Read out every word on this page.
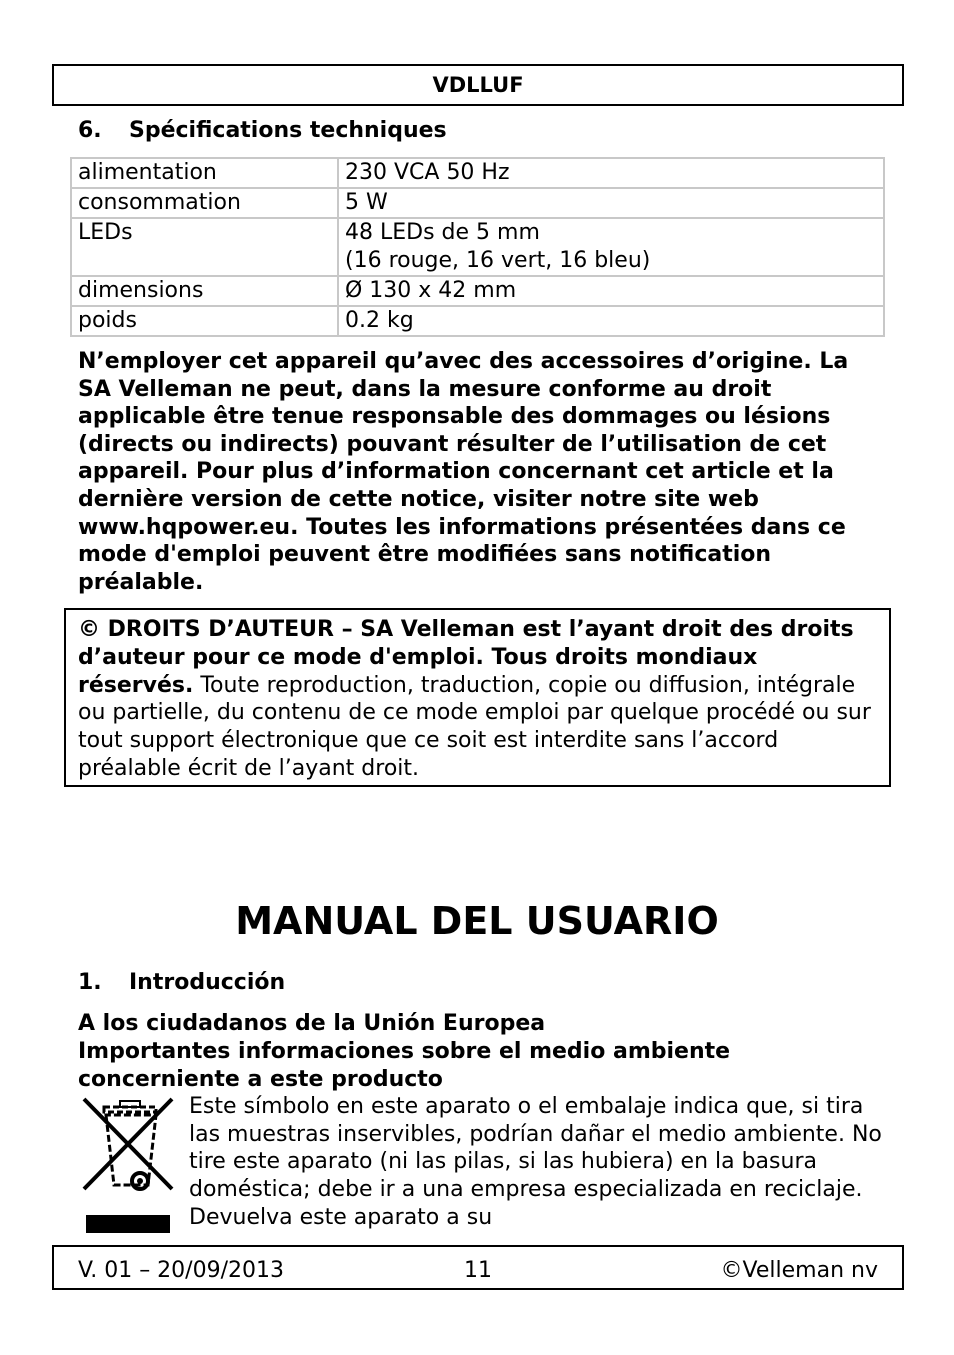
VDLLUF
6. Spécifications techniques
alimentation	230 VCA 50 Hz
consommation	5 W
LEDs	48 LEDs de 5 mm
(16 rouge, 16 vert, 16 bleu)

dimensions	Ø 130 x 42 mm
poids	0.2 kg
N’employer cet appareil qu’avec des accessoires d’origine. La SA Velleman ne peut, dans la mesure conforme au droit applicable être tenue responsable des dommages ou lésions (directs ou indirects) pouvant résulter de l’utilisation de cet appareil. Pour plus d’information concernant cet article et la dernière version de cette notice, visiter notre site web www.hqpower.eu. Toutes les informations présentées dans ce mode d'emploi peuvent être modifiées sans notification préalable.
© DROITS D’AUTEUR – SA Velleman est l’ayant droit des droits d’auteur pour ce mode d'emploi. Tous droits mondiaux réservés. Toute reproduction, traduction, copie ou diffusion, intégrale ou partielle, du contenu de ce mode emploi par quelque procédé ou sur tout support électronique que ce soit est interdite sans l’accord préalable écrit de l’ayant droit.
MANUAL DEL USUARIO
1. Introducción
A los ciudadanos de la Unión Europea
Importantes informaciones sobre el medio ambiente concerniente a este producto
Este símbolo en este aparato o el embalaje indica que, si tira las muestras inservibles, podrían dañar el medio ambiente. No tire este aparato (ni las pilas, si las hubiera) en la basura doméstica; debe ir a una empresa especializada en reciclaje. Devuelva este aparato a su
V. 01 – 20/09/2013	11	©Velleman nv
